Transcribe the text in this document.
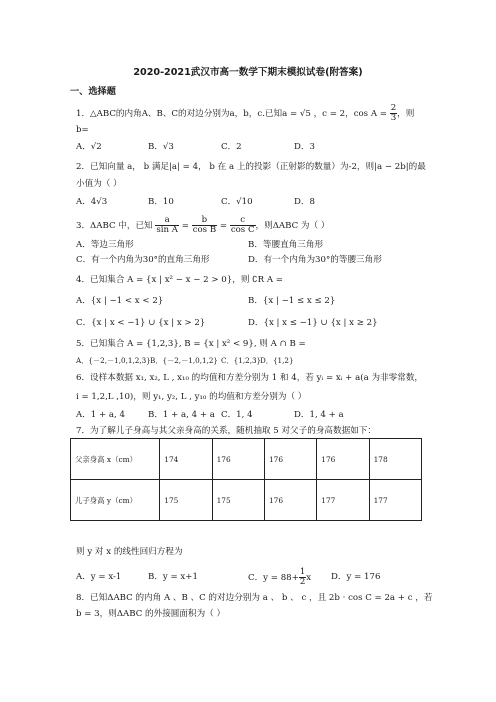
2020-2021武汉市高一数学下期末模拟试卷(附答案)
一、选择题
1．△ABC的内角A、B、C的对边分别为a，b，c.已知a = √5 ，c = 2，$\cos A = \frac{2}{3}$ ，则
b=
A．√2	B．√3	C．2	D．3
2．已知向量 a， b 满足|a| = 4， b 在 a 上的投影（正射影的数量）为-2，则|a − 2b|的最
小值为（ ）
A．4√3	B．10	C．√10	D．8
3．ΔABC 中，已知 $\frac{a}{\text{sin A}} = \frac{b}{\text{cos B}} = \frac{c}{\text{cos C}}$ ，则ΔABC 为（ ）
A．等边三角形	B．等腰直角三角形
C．有一个内角为30°的直角三角形	D．有一个内角为30°的等腰三角形
4．已知集合 A = {x | x² − x − 2 > 0}，则 ∁R A =
A．{x | −1 < x < 2}	B．{x | −1 ≤ x ≤ 2}
C．{x | x < −1} ∪ {x | x > 2}	D．{x | x ≤ −1} ∪ {x | x ≥ 2}
5．已知集合 A = {1,2,3}, B = {x | x² < 9}, 则 A ∩ B =
A．{－2,－1,0,1,2,3} B．{－2,－1,0,1,2} C．{1,2,3}
D．{1,2}
6．设样本数据 x₁, x₂, L , x₁₀ 的均值和方差分别为 1 和 4，若 yᵢ = xᵢ + a(a 为非零常数，
i = 1,2,L ,10)，则 y₁, y₂, L , y₁₀ 的均值和方差分别为（ ）
A．1 + a, 4	B．1 + a, 4 + a C．1, 4	D．1, 4 + a
7．为了解儿子身高与其父亲身高的关系，随机抽取 5 对父子的身高数据如下：
父亲身高 x（cm）	174	176	176	176	178
儿子身高 y（cm）	175	175	176	177	177
则 y 对 x 的线性回归方程为
A．y = x-1	B．y = x+1	C．$y = 88+ \frac{1}{2}$ x D．y = 176
8．已知ΔABC 的内角 A 、B 、C 的对边分别为 a 、 b 、 c ，且 2b · cos C = 2a + c ，若
b = 3，则ΔABC 的外接圆面积为（ ）
